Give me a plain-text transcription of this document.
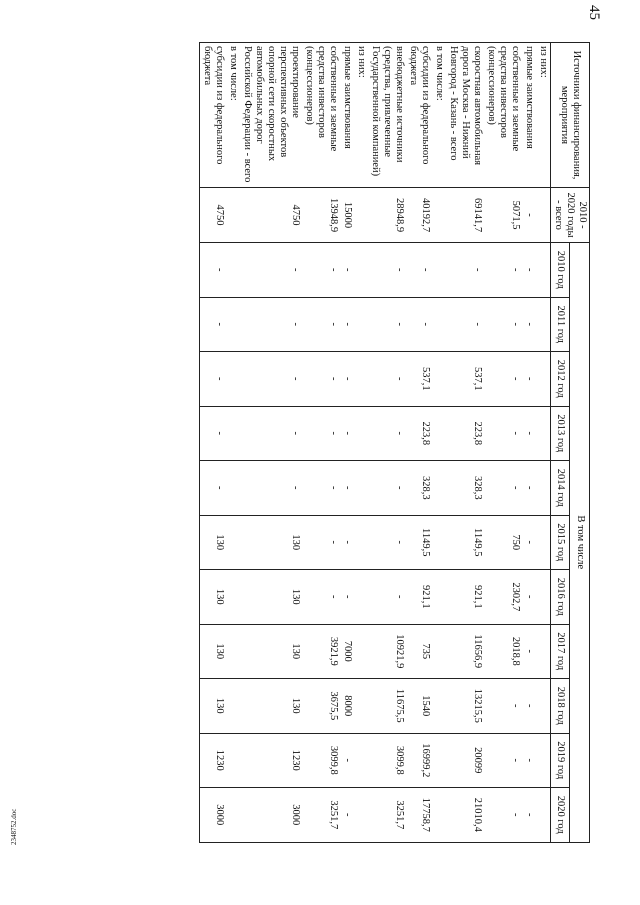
45
2348752.doc
Источники финансирования, мероприятия	2010 - 2020 годы - всего	В том числе										
		2010 год	2011 год	2012 год	2013 год	2014 год	2015 год	2016 год	2017 год	2018 год	2019 год	2020 год
из них:												
прямые заимствования	-	-	-	-	-	-	-	-	-	-	-	-
собственные и заемные средства инвесторов (концессионеров)	5071,5	-	-	-	-	-	750	2302,7	2018,8	-	-	-
скоростная автомобильная дорога Москва - Нижний Новгород - Казань - всего	69141,7	-	-	537,1	223,8	328,3	1149,5	921,1	11656,9	13215,5	20099	21010,4
в том числе:												
субсидии из федерального бюджета	40192,7	-	-	537,1	223,8	328,3	1149,5	921,1	735	1540	16999,2	17758,7
внебюджетные источники (средства, привлеченные Государственной компанией)	28948,9	-	-	-	-	-	-	-	10921,9	11675,5	3099,8	3251,7
из них:												
прямые заимствования	15000	-	-	-	-	-	-	-	7000	8000	-	-
собственные и заемные средства инвесторов (концессионеров)	13948,9	-	-	-	-	-	-	-	3921,9	3675,5	3099,8	3251,7
проектирование перспективных объектов опорной сети скоростных автомобильных дорог Российской Федерации - всего	4750	-	-	-	-	-	130	130	130	130	1230	3000
в том числе:												
субсидии из федерального бюджета	4750	-	-	-	-	-	130	130	130	130	1230	3000
